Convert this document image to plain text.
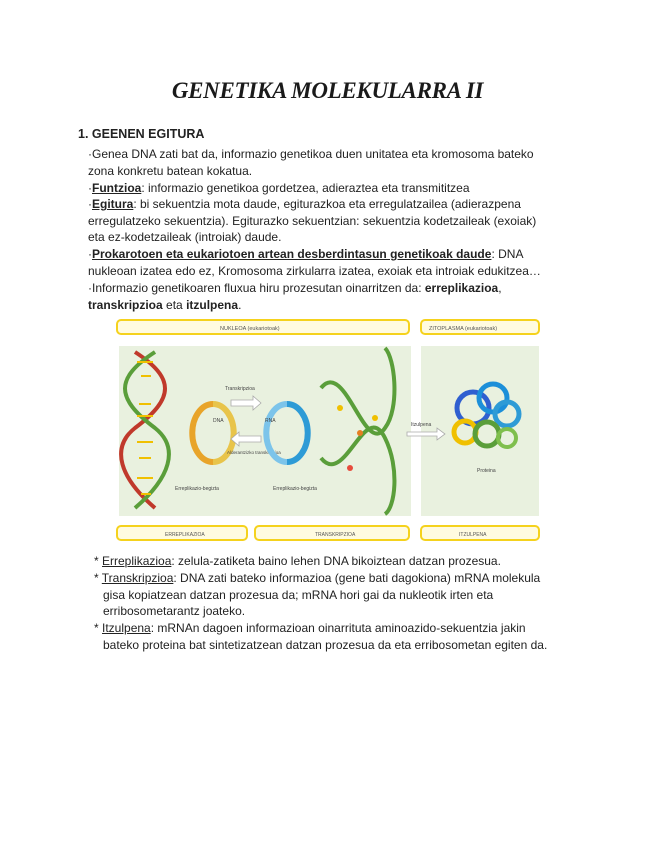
GENETIKA MOLEKULARRA II
1. GEENEN EGITURA
·Genea DNA zati bat da, informazio genetikoa duen unitatea eta kromosoma bateko
zona konkretu batean kokatua.
·Funtzioa: informazio genetikoa gordetzea, adieraztea eta transmititzea
·Egitura: bi sekuentzia mota daude, egiturazkoa eta erregulatzailea (adierazpena
erregulatzeko sekuentzia). Egiturazko sekuentzian: sekuentzia kodetzaileak (exoiak)
eta ez-kodetzaileak (introiak) daude.
·Prokarotoen eta eukariotoen artean desberdintasun genetikoak daude: DNA
nukleoan izatea edo ez, Kromosoma zirkularra izatea, exoiak eta introiak edukitzea…
·Informazio genetikoaren fluxua hiru prozesutan oinarritzen da: erreplikazioa,
transkripzioa eta itzulpena.
NUKLEOA (eukariotoak)	ZITOPLASMA (eukariotoak)
DNA
Transkripzioa
Alderantzizko transkripzioa
RNA
Erreplikazio-begizta	Erreplikazio-begizta
Itzulpena
Proteina
ERREPLIKAZIOA	TRANSKRIPZIOA	ITZULPENA
* Erreplikazioa: zelula-zatiketa baino lehen DNA bikoiztean datzan prozesua.
* Transkripzioa: DNA zati bateko informazioa (gene bati dagokiona) mRNA molekula
gisa kopiatzean datzan prozesua da; mRNA hori gai da nukleotik irten eta
erribosometarantz joateko.
* Itzulpena: mRNAn dagoen informazioan oinarrituta aminoazido-sekuentzia jakin
bateko proteina bat sintetizatzean datzan prozesua da eta erribosometan egiten da.
